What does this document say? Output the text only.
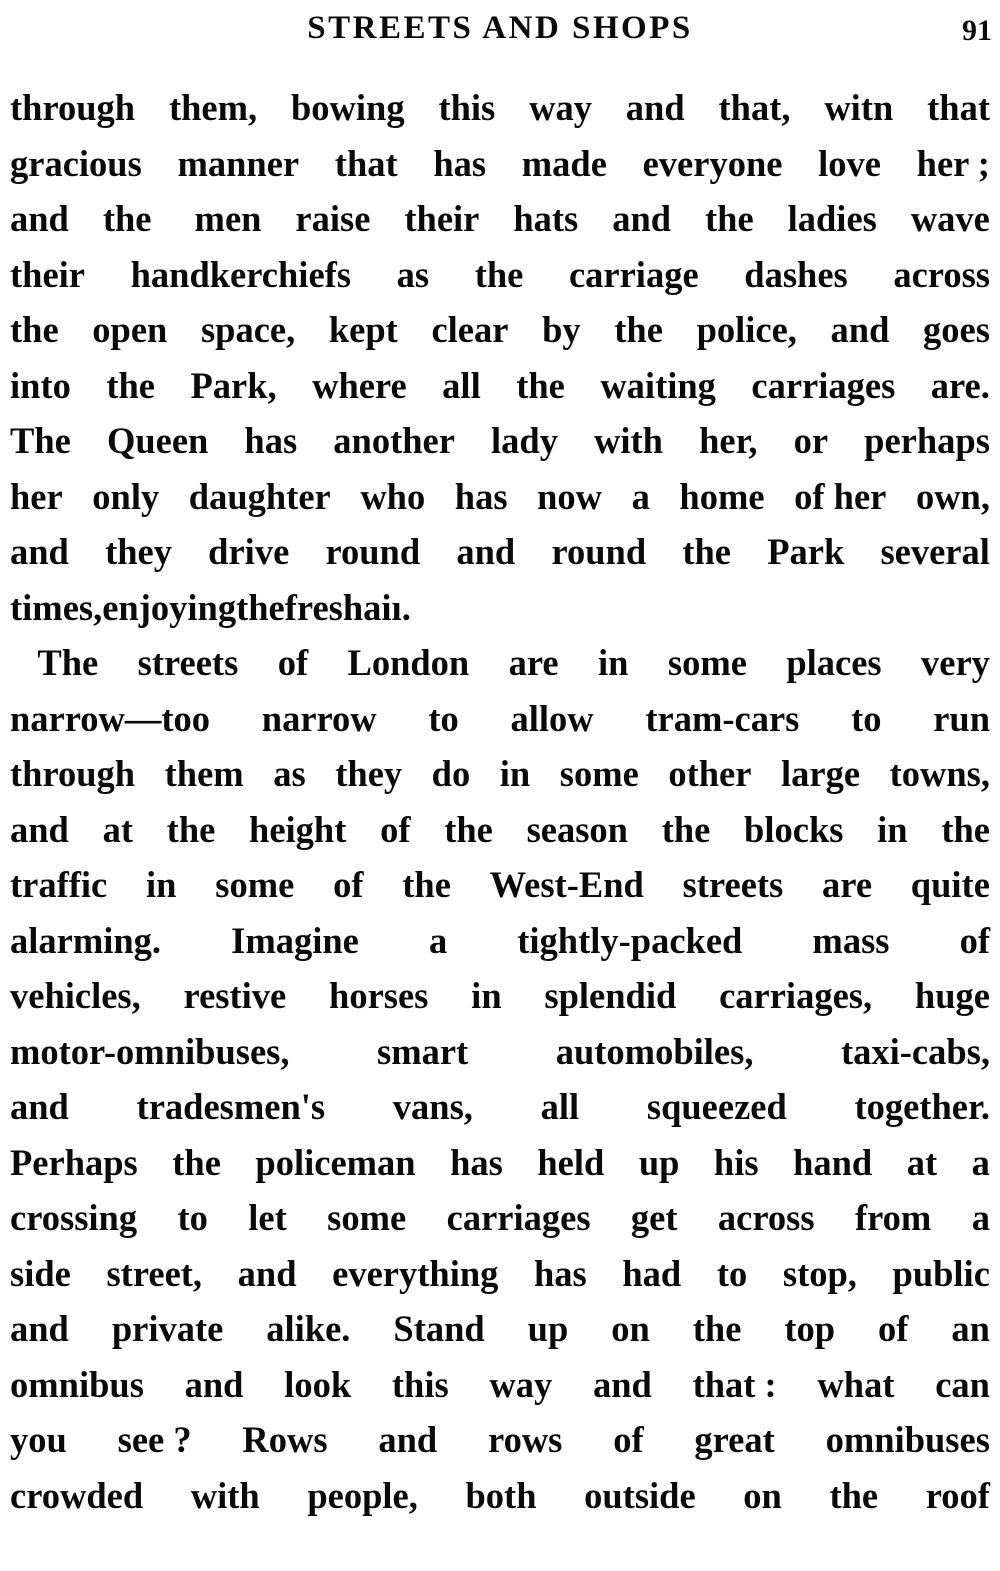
STREETS AND SHOPS	91
through them, bowing this way and that, witn that
gracious manner that has made everyone love her ;
and the men raise their hats and the ladies wave
their handkerchiefs as the carriage dashes across
the open space, kept clear by the police, and goes
into the Park, where all the waiting carriages are.
The Queen has another lady with her, or perhaps
her only daughter who has now a home of her own,
and they drive round and round the Park several
times, enjoying the fresh aiı.
The streets of London are in some places very
narrow—too narrow to allow tram-cars to run
through them as they do in some other large towns,
and at the height of the season the blocks in the
traffic in some of the West-End streets are quite
alarming. Imagine a tightly-packed mass of
vehicles, restive horses in splendid carriages, huge
motor-omnibuses, smart automobiles, taxi-cabs,
and tradesmen's vans, all squeezed together.
Perhaps the policeman has held up his hand at a
crossing to let some carriages get across from a
side street, and everything has had to stop, public
and private alike. Stand up on the top of an
omnibus and look this way and that : what can
you see ? Rows and rows of great omnibuses
crowded with people, both outside on the roof
